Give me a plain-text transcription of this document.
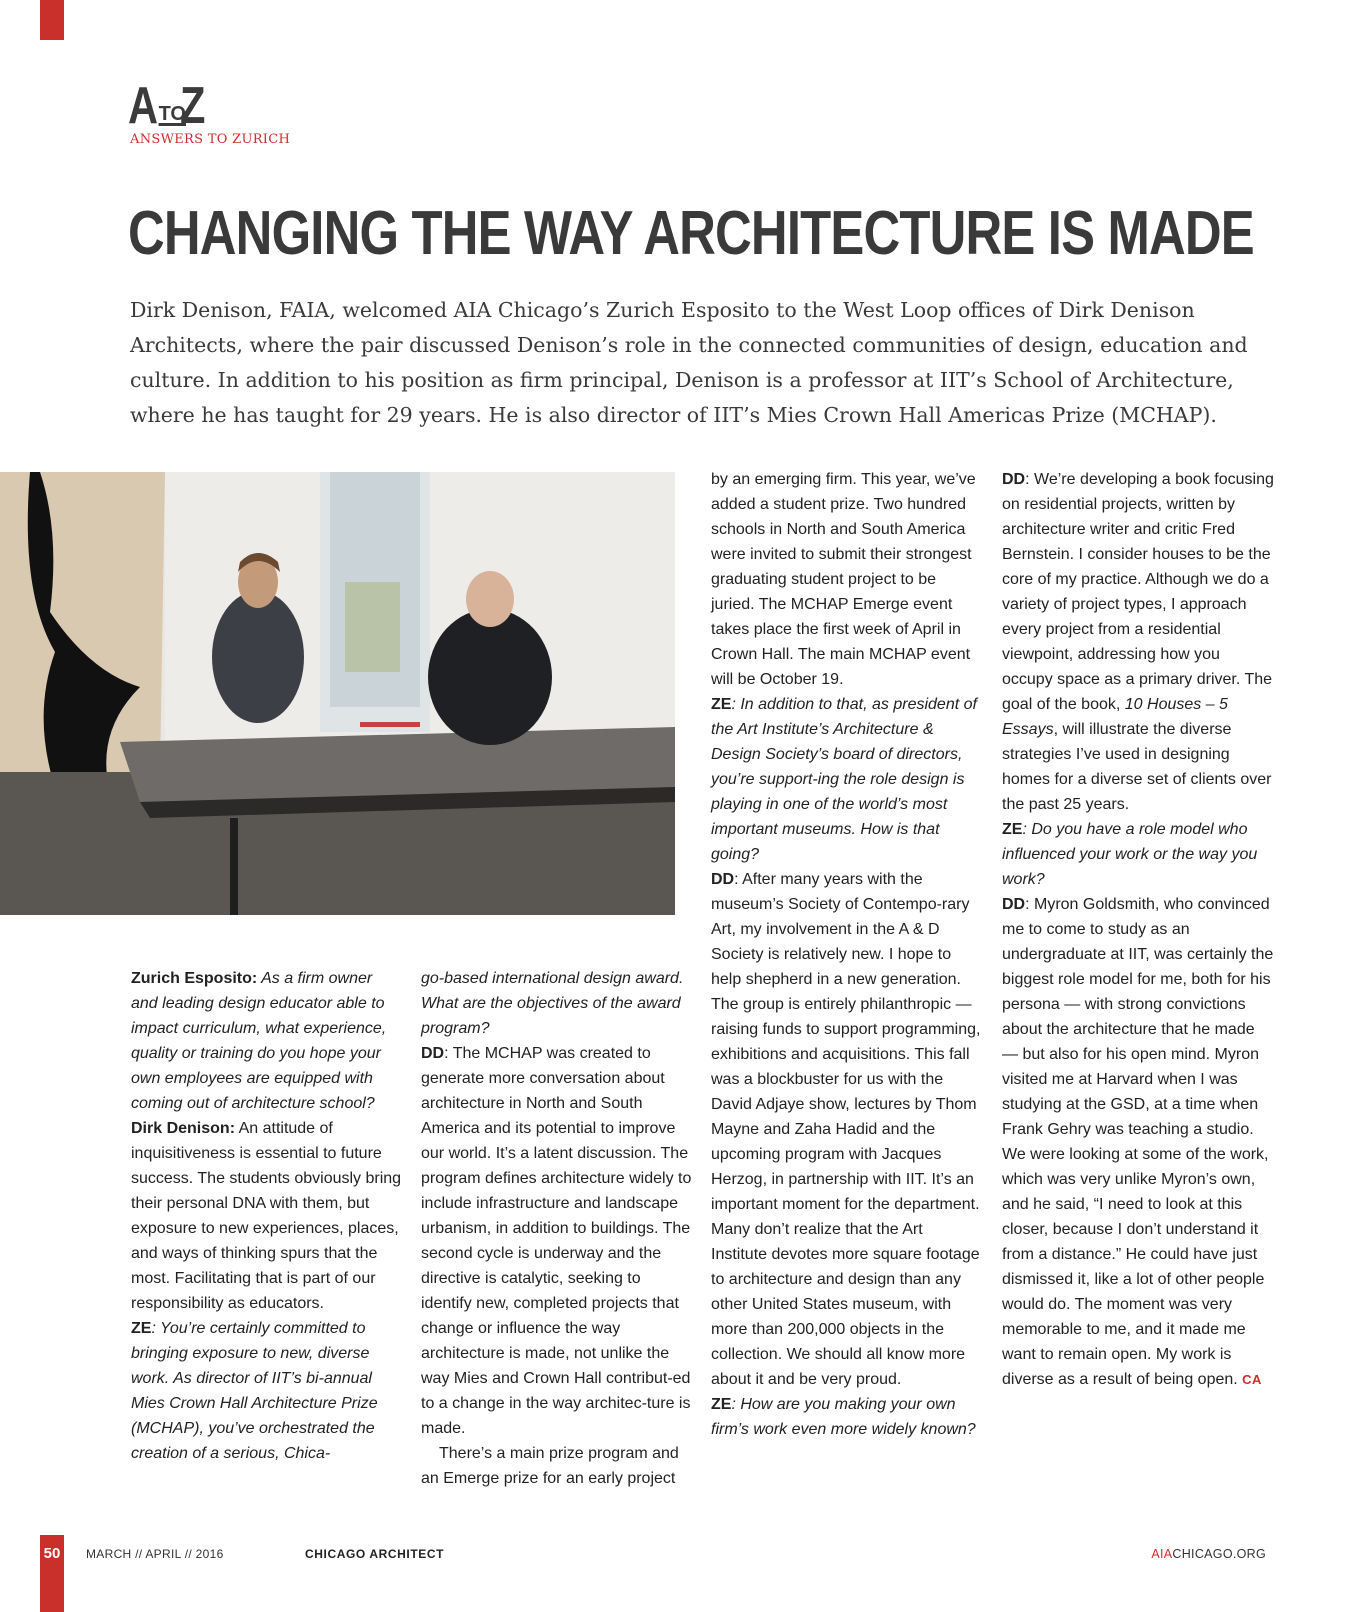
A TO
Z
ANSWERS TO ZURICH
CHANGING THE WAY ARCHITECTURE IS MADE

Dirk Denison, FAIA, welcomed AIA Chicago’s Zurich Esposito to the West Loop offices of Dirk Denison Architects, where the pair discussed Denison’s role in the connected communities of design, education and culture. In addition to his position as firm principal, Denison is a professor at IIT’s School of Architecture, where he has taught for 29 years. He is also director of IIT’s Mies Crown Hall Americas Prize (MCHAP).

Zurich Esposito: As a firm owner and leading design educator able to impact curriculum, what experience, quality or training do you hope your own employees are equipped with coming out of architecture school?

Dirk Denison: An attitude of inquisitiveness is essential to future success. The students obviously bring their personal DNA with them, but exposure to new experiences, places, and ways of thinking spurs that the most. Facilitating that is part of our responsibility as educators.

ZE: You’re certainly committed to bringing exposure to new, diverse work. As director of IIT’s bi-annual Mies Crown Hall Architecture Prize (MCHAP), you’ve orchestrated the creation of a serious, Chica-

go-based international design award. What are the objectives of the award program?

DD: The MCHAP was created to generate more conversation about architecture in North and South America and its potential to improve our world. It’s a latent discussion. The program defines architecture widely to include infrastructure and landscape urbanism, in addition to buildings. The second cycle is underway and the directive is catalytic, seeking to identify new, completed projects that change or influence the way architecture is made, not unlike the way Mies and Crown Hall contribut-ed to a change in the way architec-ture is made.

There’s a main prize program and an Emerge prize for an early project

by an emerging firm. This year, we’ve added a student prize. Two hundred schools in North and South America were invited to submit their strongest graduating student project to be juried. The MCHAP Emerge event takes place the first week of April in Crown Hall. The main MCHAP event will be October 19.

ZE: In addition to that, as president of the Art Institute’s Architecture & Design Society’s board of directors, you’re support-ing the role design is playing in one of the world’s most important museums. How is that going?

DD: After many years with the museum’s Society of Contempo-rary Art, my involvement in the A & D Society is relatively new. I hope to help shepherd in a new generation. The group is entirely philanthropic — raising funds to support programming, exhibitions and acquisitions. This fall was a blockbuster for us with the David Adjaye show, lectures by Thom Mayne and Zaha Hadid and the upcoming program with Jacques Herzog, in partnership with IIT. It’s an important moment for the department. Many don’t realize that the Art Institute devotes more square footage to architecture and design than any other United States museum, with more than 200,000 objects in the collection. We should all know more about it and be very proud.

ZE: How are you making your own firm’s work even more widely known?

DD: We’re developing a book focusing on residential projects, written by architecture writer and critic Fred Bernstein. I consider houses to be the core of my practice. Although we do a variety of project types, I approach every project from a residential viewpoint, addressing how you occupy space as a primary driver. The goal of the book, 10 Houses – 5 Essays, will illustrate the diverse strategies I’ve used in designing homes for a diverse set of clients over the past 25 years.

ZE: Do you have a role model who influenced your work or the way you work?

DD: Myron Goldsmith, who convinced me to come to study as an undergraduate at IIT, was certainly the biggest role model for me, both for his persona — with strong convictions about the architecture that he made — but also for his open mind. Myron visited me at Harvard when I was studying at the GSD, at a time when Frank Gehry was teaching a studio. We were looking at some of the work, which was very unlike Myron’s own, and he said, “I need to look at this closer, because I don’t understand it from a distance.” He could have just dismissed it, like a lot of other people would do. The moment was very memorable to me, and it made me want to remain open. My work is diverse as a result of being open. CA

50	MARCH // APRIL // 2016	CHICAGO ARCHITECT	AIACHICAGO.ORG
